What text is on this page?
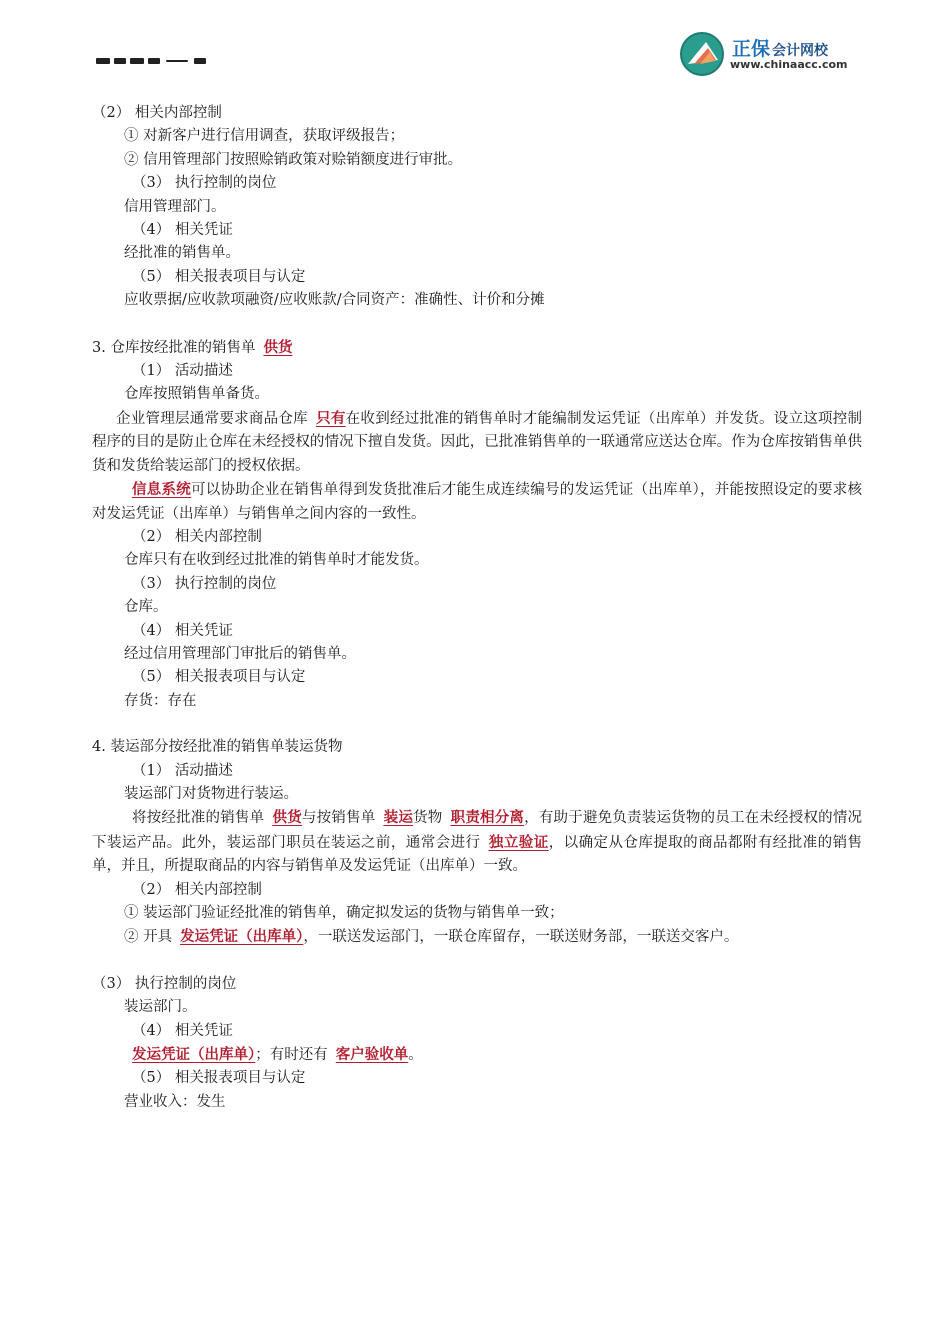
正保 会计网校
www.chinaacc.com
（2） 相关内部控制
① 对新客户进行信用调查，获取评级报告；
② 信用管理部门按照赊销政策对赊销额度进行审批。
（3） 执行控制的岗位
信用管理部门。
（4） 相关凭证
经批准的销售单。
（5） 相关报表项目与认定
应收票据/应收款项融资/应收账款/合同资产：准确性、计价和分摊
3. 仓库按经批准的销售单 供货
（1） 活动描述
仓库按照销售单备货。
企业管理层通常要求商品仓库 只有在收到经过批准的销售单时才能编制发运凭证（出库单）并发货。设立这项控制程序的目的是防止仓库在未经授权的情况下擅自发货。因此，已批准销售单的一联通常应送达仓库。作为仓库按销售单供货和发货给装运部门的授权依据。
信息系统可以协助企业在销售单得到发货批准后才能生成连续编号的发运凭证（出库单），并能按照设定的要求核对发运凭证（出库单）与销售单之间内容的一致性。
（2） 相关内部控制
仓库只有在收到经过批准的销售单时才能发货。
（3） 执行控制的岗位
仓库。
（4） 相关凭证
经过信用管理部门审批后的销售单。
（5） 相关报表项目与认定
存货：存在
4. 装运部分按经批准的销售单装运货物
（1） 活动描述
装运部门对货物进行装运。
将按经批准的销售单 供货与按销售单 装运货物 职责相分离，有助于避免负责装运货物的员工在未经授权的情况下装运产品。此外，装运部门职员在装运之前，通常会进行 独立验证，以确定从仓库提取的商品都附有经批准的销售单，并且，所提取商品的内容与销售单及发运凭证（出库单）一致。
（2） 相关内部控制
① 装运部门验证经批准的销售单，确定拟发运的货物与销售单一致；
② 开具 发运凭证（出库单），一联送发运部门，一联仓库留存，一联送财务部，一联送交客户。
（3） 执行控制的岗位
装运部门。
（4） 相关凭证
发运凭证（出库单）；有时还有 客户验收单。
（5） 相关报表项目与认定
营业收入：发生
